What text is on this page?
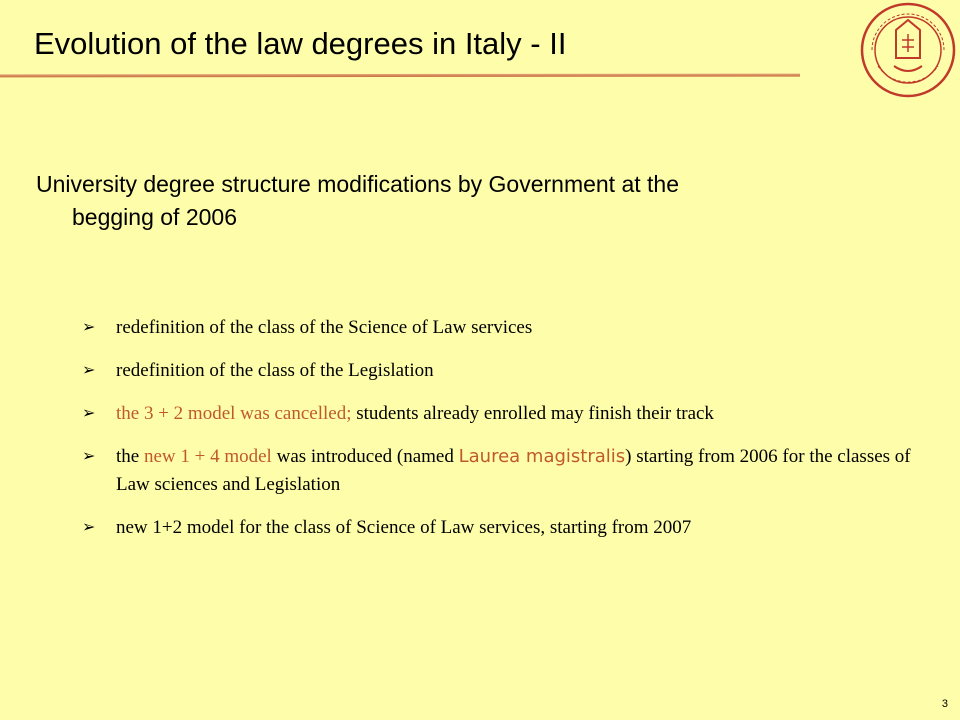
Evolution of the law degrees in Italy - II
University degree structure modifications by Government at the
begging of 2006
➢ redefinition of the class of the Science of Law services
➢ redefinition of the class of the Legislation
➢ the 3 + 2 model was cancelled; students already enrolled may finish their track
➢ the new 1 + 4 model was introduced (named Laurea magistralis) starting from 2006 for the classes of Law sciences and Legislation
➢ new 1+2 model for the class of Science of Law services, starting from 2007
3
